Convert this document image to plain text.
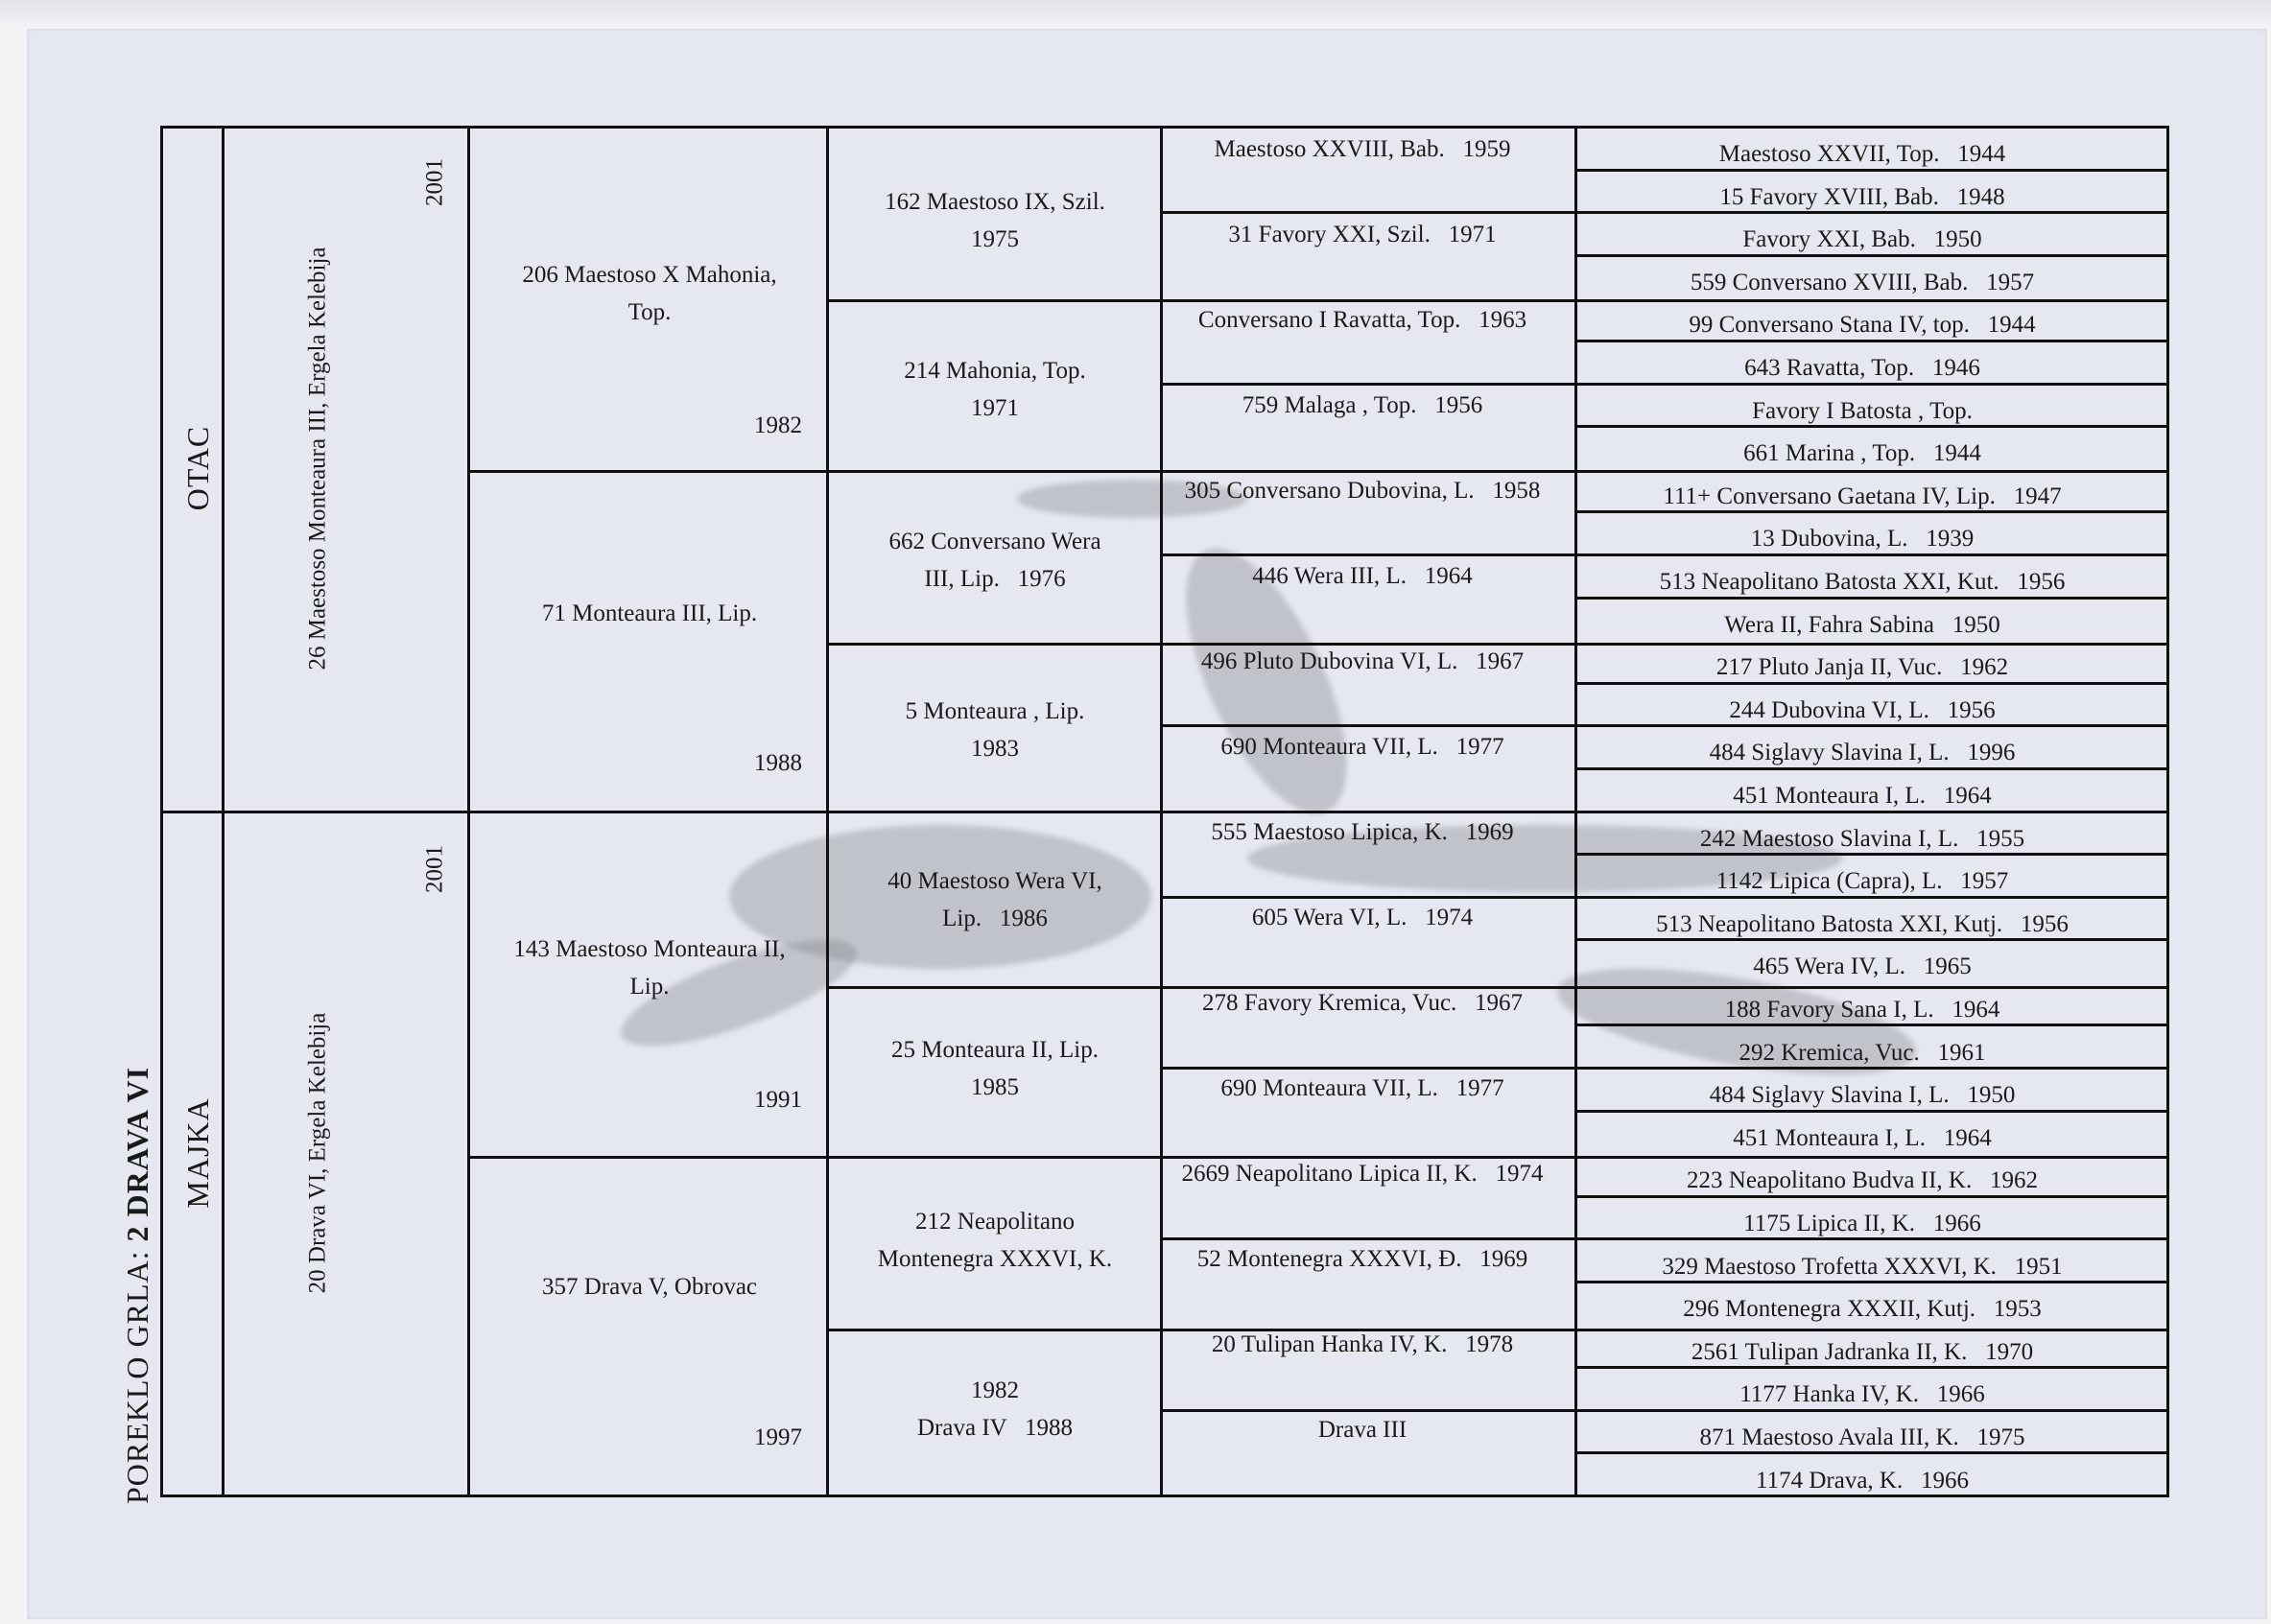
POREKLO GRLA: 2 DRAVA VI
OTAC
MAJKA
26 Maestoso Monteaura III, Ergela Kelebija
2001
20 Drava VI, Ergela Kelebija
2001
206 Maestoso X Mahonia, Top.
1982
71 Monteaura III, Lip.
1988
143 Maestoso Monteaura II, Lip.
1991
357 Drava V, Obrovac
1997
162 Maestoso IX, Szil.
1975
214 Mahonia, Top.
1971
662 Conversano Wera
III, Lip.   1976
5 Monteaura , Lip.
1983
40 Maestoso Wera VI,
Lip.   1986
25 Monteaura II, Lip.
1985
212 Neapolitano
Montenegra XXXVI, K.
1982
Drava IV   1988
Maestoso XXVIII, Bab.   1959
31 Favory XXI, Szil.   1971
Conversano I Ravatta, Top.   1963
759 Malaga , Top.   1956
305 Conversano Dubovina, L.   1958
446 Wera III, L.   1964
496 Pluto Dubovina VI, L.   1967
690 Monteaura VII, L.   1977
555 Maestoso Lipica, K.   1969
605 Wera VI, L.   1974
278 Favory Kremica, Vuc.   1967
690 Monteaura VII, L.   1977
2669 Neapolitano Lipica II, K.   1974
52 Montenegra XXXVI, Đ.   1969
20 Tulipan Hanka IV, K.   1978
Drava III
Maestoso XXVII, Top.   1944
15 Favory XVIII, Bab.   1948
Favory XXI, Bab.   1950
559 Conversano XVIII, Bab.   1957
99 Conversano Stana IV, top.   1944
643 Ravatta, Top.   1946
Favory I Batosta , Top.
661 Marina , Top.   1944
111+ Conversano Gaetana IV, Lip.   1947
13 Dubovina, L.   1939
513 Neapolitano Batosta XXI, Kut.   1956
Wera II, Fahra Sabina   1950
217 Pluto Janja II, Vuc.   1962
244 Dubovina VI, L.   1956
484 Siglavy Slavina I, L.   1996
451 Monteaura I, L.   1964
242 Maestoso Slavina I, L.   1955
1142 Lipica (Capra), L.   1957
513 Neapolitano Batosta XXI, Kutj.   1956
465 Wera IV, L.   1965
188 Favory Sana I, L.   1964
292 Kremica, Vuc.   1961
484 Siglavy Slavina I, L.   1950
451 Monteaura I, L.   1964
223 Neapolitano Budva II, K.   1962
1175 Lipica II, K.   1966
329 Maestoso Trofetta XXXVI, K.   1951
296 Montenegra XXXII, Kutj.   1953
2561 Tulipan Jadranka II, K.   1970
1177 Hanka IV, K.   1966
871 Maestoso Avala III, K.   1975
1174 Drava, K.   1966
